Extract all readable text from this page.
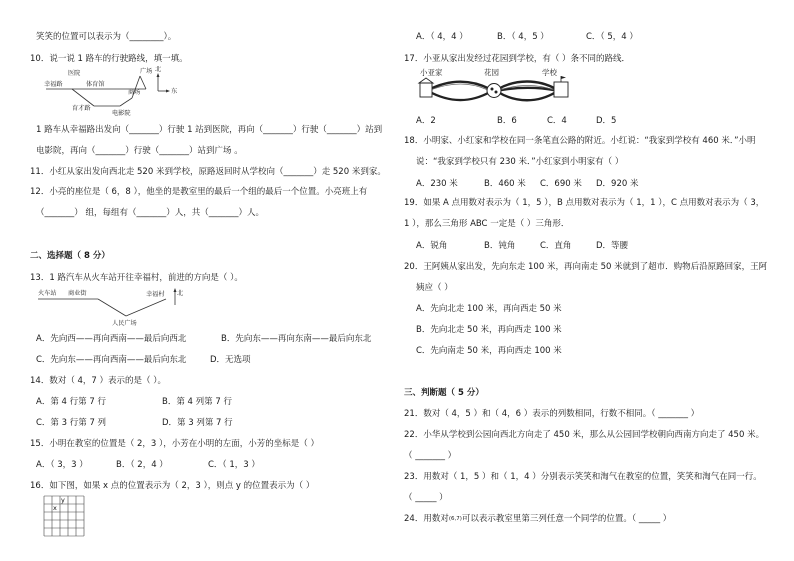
笑笑的位置可以表示为（________）。
10．说一说 1 路车的行驶路线，填一填。
医院	广场 北
东
幸福路	体育馆
商场
育才路
电影院
1 路车从幸福路出发向（_______）行驶 1 站到医院，再向（_______）行驶（_______）站到
电影院，再向（_______）行驶（_______）站到广场 。
11．小红从家出发向西北走 520 米到学校，原路返回时从学校向（_______）走 520 米到家。
12．小亮的座位是（ 6，8 ），他坐的是教室里的最后一个组的最后一个位置。小亮班上有
（_______） 组，每组有（_______）人，共（_______）人。
二、选择题（ 8 分）
13．1 路汽车从火车站开往幸福村，前进的方向是（ ）。
火车站 商业街	幸福村 北
人民广场
A．先向西——再向西南——最后向西北	B．先向东——再向东南——最后向东北
C．先向东——再向西南——最后向东北	D．无选项
14．数对（ 4，7 ）表示的是（ ）。
A．第 4 行第 7 行	B．第 4 列第 7 行
C．第 3 行第 7 列	D．第 3 列第 7 行
15．小明在教室的位置是（ 2，3 ），小芳在小明的左面，小芳的坐标是（ ）
A．（ 3，3 ）	B．（ 2，4 ）	C．（ 1，3 ）
16．如下图，如果 x 点的位置表示为（ 2，3 ），则点 y 的位置表示为（ ）
x
y
A．（ 4，4 ）	B．（ 4，5 ）	C．（ 5，4 ）
17．小亚从家出发经过花园到学校，有（ ）条不同的路线．
小亚家	花园	学校
A．2	B．6	C．4	D．5
18．小明家、小红家和学校在同一条笔直公路的附近。小红说：“我家到学校有 460 米．”小明
说：“我家到学校只有 230 米．”小红家到小明家有（ ）
A．230 米	B．460 米 C．690 米 D．920 米
19．如果 A 点用数对表示为（ 1，5 ），B 点用数对表示为（ 1，1 ），C 点用数对表示为（ 3，
1 ），那么三角形 ABC 一定是（ ）三角形．
A．锐角	B．钝角	C．直角	D．等腰
20．王阿姨从家出发，先向东走 100 米，再向南走 50 米就到了超市．购物后沿原路回家，王阿
姨应（ ）
A．先向北走 100 米，再向西走 50 米
B．先向北走 50 米，再向西走 100 米
C．先向南走 50 米，再向西走 100 米
三、判断题（ 5 分）
21．数对（ 4，5 ）和（ 4，6 ）表示的列数相同，行数不相同。（ _______ ）
22．小华从学校到公园向西北方向走了 450 米，那么从公园回学校朝向西南方向走了 450 米。
（ _______ ）
23．用数对（ 1，5 ）和（ 1，4 ）分别表示笑笑和淘气在教室的位置，笑笑和淘气在同一行。
（ _____ ）
24．用数对(6,7)可以表示教室里第三列任意一个同学的位置。（ _____ ）
